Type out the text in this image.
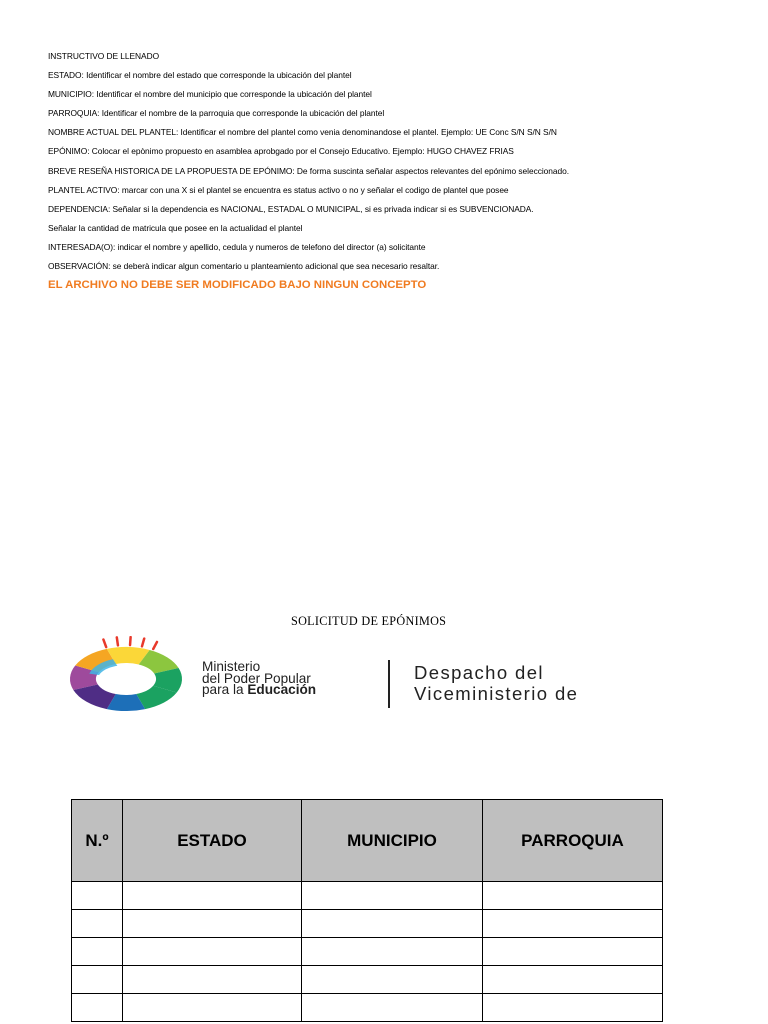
INSTRUCTIVO DE LLENADO
ESTADO: Identificar el nombre del estado que corresponde la ubicación del plantel
MUNICIPIO: Identificar el nombre del municipio que corresponde la ubicación del plantel
PARROQUIA: Identificar el nombre de la parroquia que corresponde la ubicación del plantel
NOMBRE ACTUAL DEL PLANTEL: Identificar el nombre del plantel como venia denominandose el plantel. Ejemplo: UE Conc S/N S/N S/N
EPÓNIMO: Colocar el epònimo propuesto en asamblea aprobgado por el Consejo Educativo. Ejemplo: HUGO CHAVEZ FRIAS
BREVE RESEÑA HISTORICA DE LA PROPUESTA DE EPÓNIMO: De forma suscinta señalar aspectos relevantes del epónimo seleccionado.
PLANTEL ACTIVO: marcar con una X si el plantel se encuentra es status activo o no y señalar el codigo de plantel que posee
DEPENDENCIA: Señalar si la dependencia es NACIONAL, ESTADAL O MUNICIPAL, si es privada indicar si es SUBVENCIONADA.
Señalar la cantidad de matricula que posee en la actualidad el plantel
INTERESADA(O): indicar el nombre y apellido, cedula y numeros de telefono del director (a) solicitante
OBSERVACIÓN: se deberà indicar algun comentario u planteamiento adicional que sea necesario resaltar.
EL ARCHIVO NO DEBE SER MODIFICADO BAJO NINGUN CONCEPTO
SOLICITUD DE EPÓNIMOS
Ministerio
del Poder Popular
para la Educación
Despacho del
Viceministerio de
N.º	ESTADO	MUNICIPIO	PARROQUIA
